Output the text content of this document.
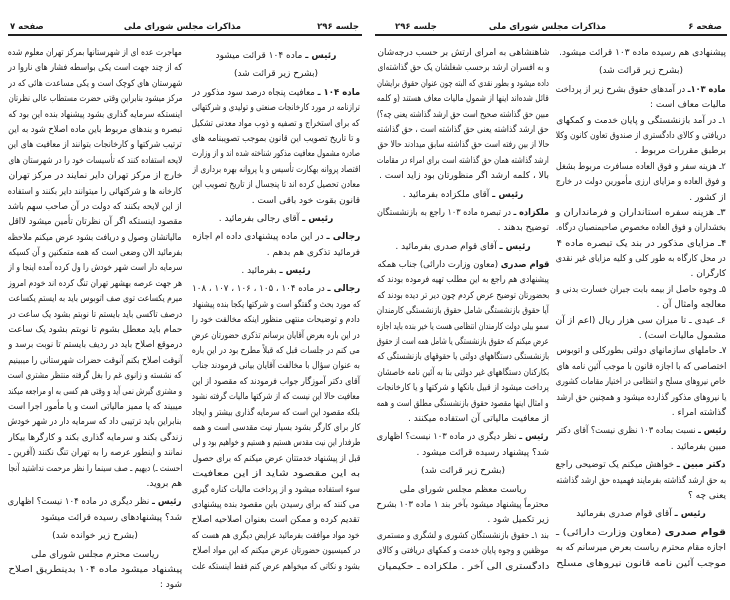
جلسه ۲۹۶
مذاکرات مجلس شورای ملی
صفحه ۷
رئیس ـ ماده ۱۰۴ قرائت میشود
(بشرح زیر قرائت شد)
ماده ۱۰۴ ـ معافیت پنجاه درصد سود مذکور در
ترازنامه در مورد کارخانجات صنعتی و تولیدی و شرکتهائی
که برای استخراج و تصفیه و ذوب مواد معدنی تشکیل
و تا تاریخ تصویب این قانون بموجب تصویبنامه های
صادره مشمول معافیت مذکور شناخته شده اند و از وزارت
اقتصاد پروانه بهکارت تأسیس و یا پروانه بهره برداری از
معادن تحصیل کرده اند تا پنجسال از تاریخ تصویب این
قانون بقوت خود باقی است .
رئیس ـ آقای رجالی بفرمائید .
رجالی ـ در این ماده پیشنهادی داده ام اجازه
فرمائید تذکری هم بدهم .
رئیس ـ بفرمائید .
رجالی ـ در ماده ۱۰۴ ، ۱۰۵ ، ۱۰۶ ، ۱۰۷ ، ۱۰۸
که مورد بحث و گفتگو است و شرکتها یکجا بنده پیشنهاد
دادم و توضیحات منتهی منظور اینکه مخالفت خود را
در این باره بعرض آقایان برسانم تذکری حضورتان عرض
می کنم در جلسات قبل که قبلاً مطرح بود در این باره
به عنوان سؤال با مخالفت آقایان بیانی فرمودند جناب
آقای دکتر آموزگار جواب فرمودند که مقصود از این
معافیت حالا این نیست که از شرکتها مالیات گرفته نشود
بلکه مقصود این است که سرمایه گذاری بیشتر و ایجاد
کار برای کارگر بشود بسیار نیت مقدسی است و همه
طرفدار این نیت مقدس هستیم و هستیم و خواهیم بود و لی
قبل از پیشنهاد خدمتتان عرض میکنم که برای حصول
به این مقصود شاید از این معافیت
سوء استفاده میشود و از پرداخت مالیات کناره گیری
می کنند که برای رسیدن باین مقصود بنده پیشنهادی
تقدیم کرده و ممکن است بعنوان اصلاحیه اصلاح
خود مواد موافقت بفرمائید عرایض دیگری هم هست که
در کمیسیون حضورتان عرض میکنم که این مواد اصلاح
بشود و نکاتی که میخواهم عرض کنم فقط اینستکه علت
مهاجرت عده ای از شهرستانها بمرکز تهران معلوم شده
که از چند جهت است یکی بواسطه فشار های ناروا در
شهرستان های کوچک است و یکی مساعدت هائی که در
مرکز میشود بنابراین وقتی حضرت مستطاب عالی نظرتان
اینستکه سرمایه گذاری بشود پیشنهاد بنده این بود که
تبصره و بندهای مربوط باین ماده اصلاح شود به این
ترتیب شرکتها و کارخانجات بتوانند از معافیت های این
لایحه استفاده کنند که تأسیسات خود را در شهرستان های
خارج از مرکز تهران دایر نمایند در مرکز تهران
کارخانه ها و شرکتهائی را میتوانند دایر بکنند و استفاده
از این لایحه بکنند که دولت در آن صاحب سهم باشد
مقصود اینستکه اگر آن نظرتان تأمین میشود لااقل
مالیاتشان وصول و دریافت بشود عرض میکنم ملاحظه
بفرمائید الان وضعی است که همه متمکنین و آن کسیکه
سرمایه دار است شهر خودش را ول کرده آمده اینجا و از
هر جهت عرصه بهشهر تهران تنگ کرده اند خودم امروز
میرم یکساعت توی صف اتوبوس باید به ایستم یکساعت
درصف تاکسی باید بایستم تا نوبتم بشود یک ساعت در
حمام باید معطل بشوم تا نوبتم بشود یک ساعت
درموقع اصلاح باید در ردیف بایستم تا نوبت برسد و
آنوقت اصلاح بکنم آنوقت حضرات شهرستانی را میبینیم
که نشسته و زانوی غم را بغل گرفته منتظر مشتری است
و مشتری گیرش نمی آید و وقتی هم کسی به او مراجعه میکند
میبیند که یا ممیز مالیاتی است و یا مأمور اجرا است
بنابراین باید ترتیبی داد که سرمایه دار در شهر خودش
زندگی بکند و سرمایه گذاری بکند و کارگرها بیکار
نمانند و اینطور عرصه را به تهران تنگ نکنند (آفرین ـ
احسنت ـ) دیهیم ـ صف سینما را نظر مرحمت نداشتید آنجا
هم بروید.
رئیس ـ نظر دیگری در ماده ۱۰۴ نیست؟ اظهاری
شد؟ پیشنهادهای رسیده قرائت میشود
(بشرح زیر خوانده شد)
ریاست محترم مجلس شورای ملی
پیشنهاد میشود ماده ۱۰۴ بدینطریق اصلاح
شود :
جلسه ۲۹۶	مذاکرات مجلس شورای ملی	صفحه ۶
پیشنهادی هم رسیده ماده ۱۰۳ قرائت میشود.
(بشرح زیر قرائت شد)
ماده ۱۰۳ـ در آمدهای حقوق بشرح زیر از پرداخت
مالیات معاف است :
۱ـ در آمد بازنشستگی و پایان خدمت و کمکهای
دریافتی و کالای دادگستری از صندوق تعاون کانون وکلا
برطبق مقررات مربوط .
۲ـ هزینه سفر و فوق العاده مسافرت مربوط بشغل
و فوق العاده و مزایای ارزی مأمورین دولت در خارج
از کشور .
۳ـ هزینه سفره استانداران و فرمانداران و
بخشداران و فوق العاده مخصوص صاحبمنصبان درگاه.
۴ـ مزایای مذکور در بند یک تبصره ماده ۴
در محل کارگاه به طور کلی و کلیه مزایای غیر نقدی
کارگران .
۵ـ وجوه حاصل از بیمه بابت جبران خسارت بدنی و
معالجه وامثال آن .
۶ـ عیدی ـ تا میزان سی هزار ریال (اعم از آن
مشمول مالیات است) .
۷ـ حاملهای سازمانهای دولتی بطورکلی و اتوبوس
اختصاصی که با اجازه قانون با موجب آئین نامه های
خاص نیروهای مسلح و انتظامی در اختیار مقامات کشوری
یا نیروهای مذکور گذارده میشود و همچنین حق ارشد
گذاشته امراء .
رئیس ـ نسبت بماده ۱۰۳ نظری نیست؟ آقای دکتر
مبین بفرمائید .
دکتر مبین ـ خواهش میکنم یک توضیحی راجع
به حق ارشد گذاشته بفرمایند فهمیده حق ارشد گذاشته
یعنی چه ؟
رئیس ـ آقای قوام صدری بفرمائید
قوام صدری (معاون وزارت دارائی) ـ
اجازه مقام محترم ریاست بعرض میرسانم که به
موجب آئین نامه قانون نیروهای مسلح
شاهنشاهی به امرای ارتش بر حسب درجه‌شان
و به افسران ارشد برحسب شغلشان یک حق گذاشته‌ای
داده میشود و بطور نقدی که البته چون عنوان حقوق برایشان
قائل شده‌اند اینها از شمول مالیات معاف هستند (و کلمه
مبین حق گذاشته صحیح است حق ارشد گذاشته یعنی چه؟)
حق ارشد گذاشته یعنی حق گذاشته است ، حق گذاشته
حالا از بین رفته است حق گذاشته سابق میدادند حالا حق
ارشد گذاشته همان حق گذاشته است برای امراء در مقامات
بالا ، کلمه ارشد اگر منظورتان بود زاید است .
رئیس ـ آقای ملکزاده بفرمائید .
ملکزاده ـ در تبصره ماده ۱۰۳ راجع به بازنشستگان
توضیح بدهند .
رئیس ـ آقای قوام صدری بفرمائید .
قوام صدری (معاون وزارت دارائی) جناب همکه
پیشنهادی هم راجع به این مطلب تهیه فرموده بودند که
بحضورتان توضیح عرض کردم چون دیر تر دیده بودند که
آیا حقوق بازنشستگی شامل حقوق بازنشستگی کارمندان
سمو بیلی دولت کارمندان انتظامی هست یا خیر بنده باید اجازه
عرض میکنم که حقوق بازنشستگی یا شامل همه است از حقوق
بازنشستگی دستگاههای دولتی یا حقوقهای بازنشستگی که
بکارکنان دستگاههای غیر دولتی بنا به آئین نامه خاصشان
پرداخت میشود از قبیل بانکها و شرکتها و یا کارخانجات
و امثال اینها مقصود حقوق بازنشستگی مطلق است و همه
از معافیت مالیاتی آن استفاده میکنند .
رئیس ـ نظر دیگری در ماده ۱۰۳ نیست؟ اظهاری
شد؟ پیشنهاد رسیده قرائت میشود .
(بشرح زیر قرائت شد)
ریاست معظم مجلس شورای ملی
محترماً پیشنهاد میشود بآخر بند ۱ ماده ۱۰۳ بشرح
زیر تکمیل شود .
بند ۱ـ حقوق بازنشستگان کشوری و لشگری و مستمری
موظفین و وجوه پایان خدمت و کمکهای دریافتی و کالای
دادگستری الی آخر . ملکزاده ـ حکیمیان
